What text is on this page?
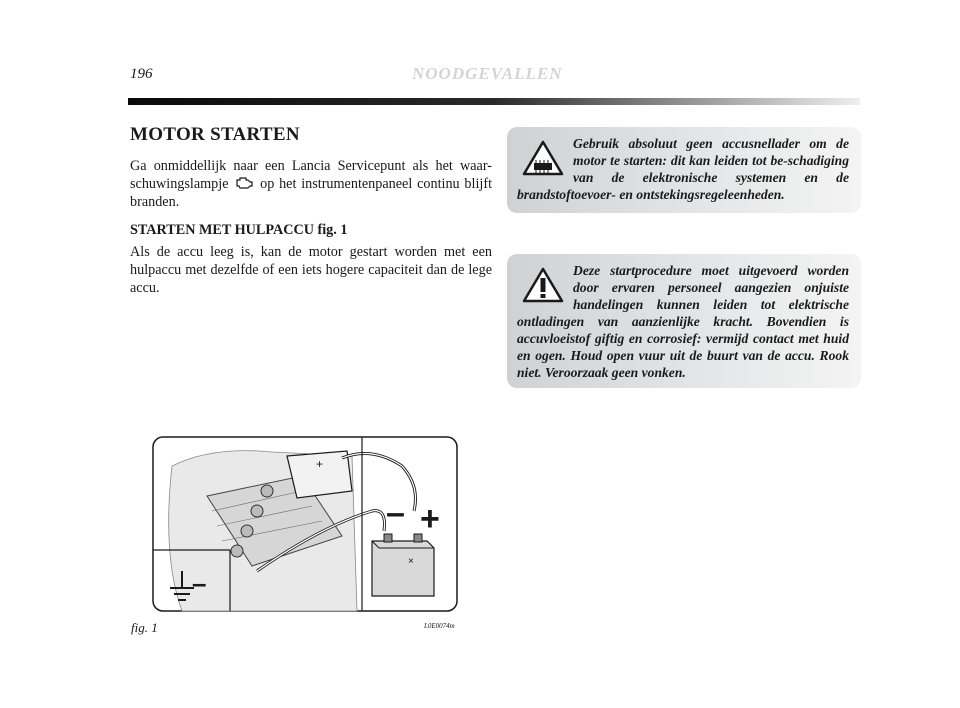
196	NOODGEVALLEN
MOTOR STARTEN
Ga onmiddellijk naar een Lancia Servicepunt als het waar-schuwingslampje op het instrumentenpaneel continu blijft branden.
STARTEN MET HULPACCU fig. 1
Als de accu leeg is, kan de motor gestart worden met een hulpaccu met dezelfde of een iets hogere capaciteit dan de lege accu.
Gebruik absoluut geen accusnellader om de motor te starten: dit kan leiden tot be-schadiging van de elektronische systemen en de brandstoftoevoer- en ontstekingsregeleenheden.
Deze startprocedure moet uitgevoerd worden door ervaren personeel aangezien onjuiste handelingen kunnen leiden tot elektrische ontladingen van aanzienlijke kracht. Bovendien is accuvloeistof giftig en corrosief: vermijd contact met huid en ogen. Houd open vuur uit de buurt van de accu. Rook niet. Veroorzaak geen vonken.
+
×
+
–
–
fig. 1	L0E0074m
